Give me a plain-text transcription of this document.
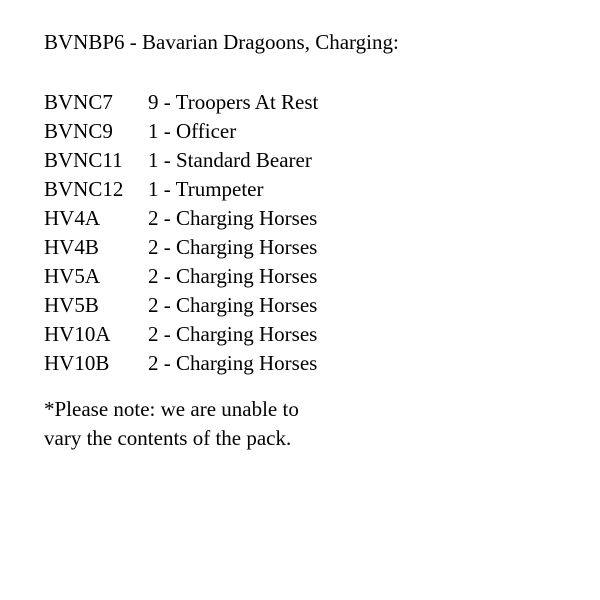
BVNBP6 - Bavarian Dragoons, Charging:
BVNC7	9 - Troopers At Rest
BVNC9	1 - Officer
BVNC11	1 - Standard Bearer
BVNC12	1 - Trumpeter
HV4A	2 - Charging Horses
HV4B	2 - Charging Horses
HV5A	2 - Charging Horses
HV5B	2 - Charging Horses
HV10A	2 - Charging Horses
HV10B	2 - Charging Horses
*Please note: we are unable to
vary the contents of the pack.
